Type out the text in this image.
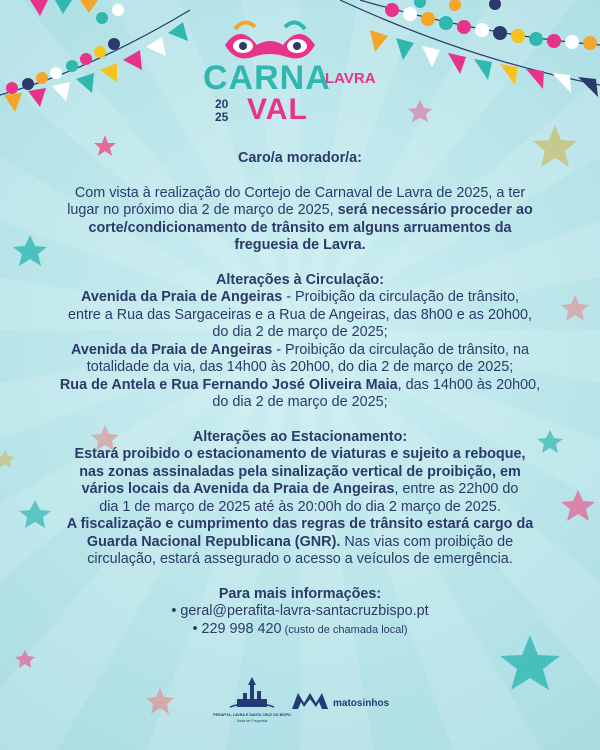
CARNA
VAL
LAVRA
20
25
Caro/a morador/a:
Com vista à realização do Cortejo de Carnaval de Lavra de 2025, a ter
lugar no próximo dia 2 de março de 2025, será necessário proceder ao
corte/condicionamento de trânsito em alguns arruamentos da
freguesia de Lavra.
Alterações à Circulação:
Avenida da Praia de Angeiras - Proibição da circulação de trânsito,
entre a Rua das Sargaceiras e a Rua de Angeiras, das 8h00 e as 20h00,
do dia 2 de março de 2025;
Avenida da Praia de Angeiras - Proibição da circulação de trânsito, na
totalidade da via, das 14h00 às 20h00, do dia 2 de março de 2025;
Rua de Antela e Rua Fernando José Oliveira Maia, das 14h00 às 20h00,
do dia 2 de março de 2025;
Alterações ao Estacionamento:
Estará proibido o estacionamento de viaturas e sujeito a reboque,
nas zonas assinaladas pela sinalização vertical de proibição, em
vários locais da Avenida da Praia de Angeiras, entre as 22h00 do
dia 1 de março de 2025 até às 20:00h do dia 2 março de 2025.
A fiscalização e cumprimento das regras de trânsito estará cargo da
Guarda Nacional Republicana (GNR). Nas vias com proibição de
circulação, estará assegurado o acesso a veículos de emergência.
Para mais informações:
• geral@perafita-lavra-santacruzbispo.pt
• 229 998 420 (custo de chamada local)
PERAFITA, LAVRA E SANTA CRUZ DO BISPO
Junta de Freguesia
matosinhos
